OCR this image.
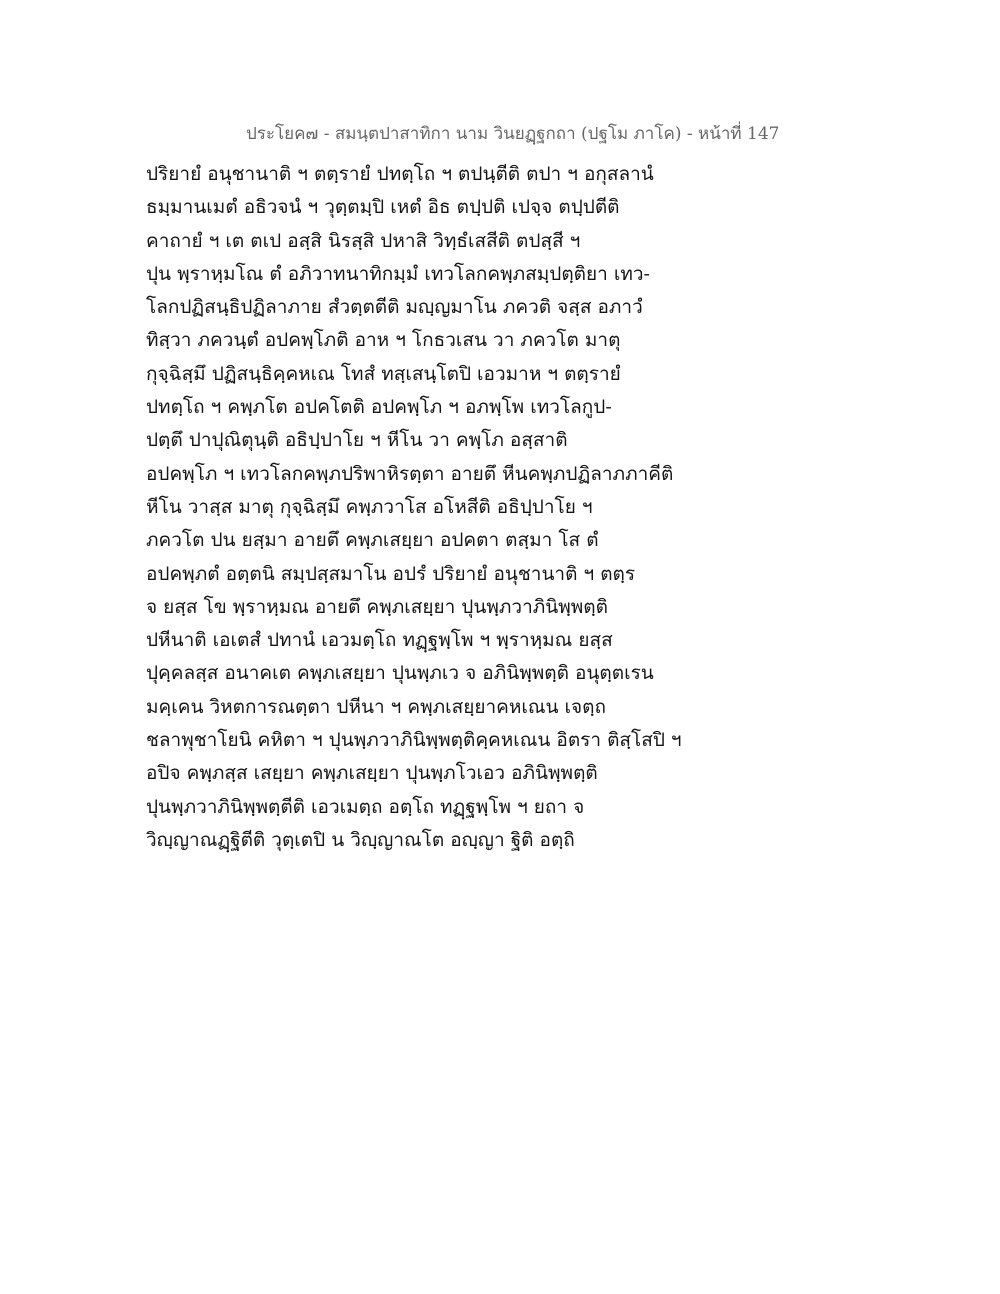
ประโยค๗ - สมนฺตปาสาทิกา นาม วินยฏฺฐกถา (ปฐโม ภาโค) - หน้าที่ 147
ปริยายํ อนุชานาติ ฯ ตตฺรายํ ปทตฺโถ ฯ ตปนฺตีติ ตปา ฯ อกุสลานํ
ธมฺมานเมตํ อธิวจนํ ฯ วุตฺตมฺปิ เหตํ อิธ ตปฺปติ เปจฺจ ตปฺปตีติ
คาถายํ ฯ เต ตเป อสฺสิ นิรสฺสิ ปหาสิ วิทฺธํเสสีติ ตปสฺสี ฯ
ปุน พฺราหฺมโณ ตํ อภิวาทนาทิกมฺมํ เทวโลกคพฺภสมฺปตฺติยา เทว-
โลกปฏิสนฺธิปฏิลาภาย สํวตฺตตีติ มญฺญมาโน ภควติ จสฺส อภาวํ
ทิสฺวา ภควนฺตํ อปคพฺโภติ อาห ฯ โกธวเสน วา ภควโต มาตุ
กุจฺฉิสฺมึ ปฏิสนฺธิคฺคหเณ โทสํ ทสฺเสนฺโตปิ เอวมาห ฯ ตตฺรายํ
ปทตฺโถ ฯ คพฺภโต อปคโตติ อปคพฺโภ ฯ อภพฺโพ เทวโลกูป-
ปตฺตึ ปาปุณิตุนฺติ อธิปฺปาโย ฯ หีโน วา คพฺโภ อสฺสาติ
อปคพฺโภ ฯ เทวโลกคพฺภปริพาหิรตฺตา อายตึ หีนคพฺภปฏิลาภภาคีติ
หีโน วาสฺส มาตุ กุจฺฉิสฺมึ คพฺภวาโส อโหสีติ อธิปฺปาโย ฯ
ภควโต ปน ยสฺมา อายตึ คพฺภเสยฺยา อปคตา ตสฺมา โส ตํ
อปคพฺภตํ อตฺตนิ สมฺปสฺสมาโน อปรํ ปริยายํ อนุชานาติ ฯ ตตฺร
จ ยสฺส โข พฺราหฺมณ อายตึ คพฺภเสยฺยา ปุนพฺภวาภินิพฺพตฺติ
ปหีนาติ เอเตสํ ปทานํ เอวมตฺโถ ทฏฺฐพฺโพ ฯ พฺราหฺมณ ยสฺส
ปุคฺคลสฺส อนาคเต คพฺภเสยฺยา ปุนพฺภเว จ อภินิพฺพตฺติ อนุตฺตเรน
มคฺเคน วิหตการณตฺตา ปหีนา ฯ คพฺภเสยฺยาคหเณน เจตฺถ
ชลาพุชาโยนิ คหิตา ฯ ปุนพฺภวาภินิพฺพตฺติคฺคหเณน อิตรา ติสฺโสปิ ฯ
อปิจ คพฺภสฺส เสยฺยา คพฺภเสยฺยา ปุนพฺภโวเอว อภินิพฺพตฺติ
ปุนพฺภวาภินิพฺพตฺตีติ เอวเมตฺถ อตฺโถ ทฏฺฐพฺโพ ฯ ยถา จ
วิญฺญาณฏฺฐิตีติ วุตฺเตปิ น วิญฺญาณโต อญฺญา ฐิติ อตฺถิ
